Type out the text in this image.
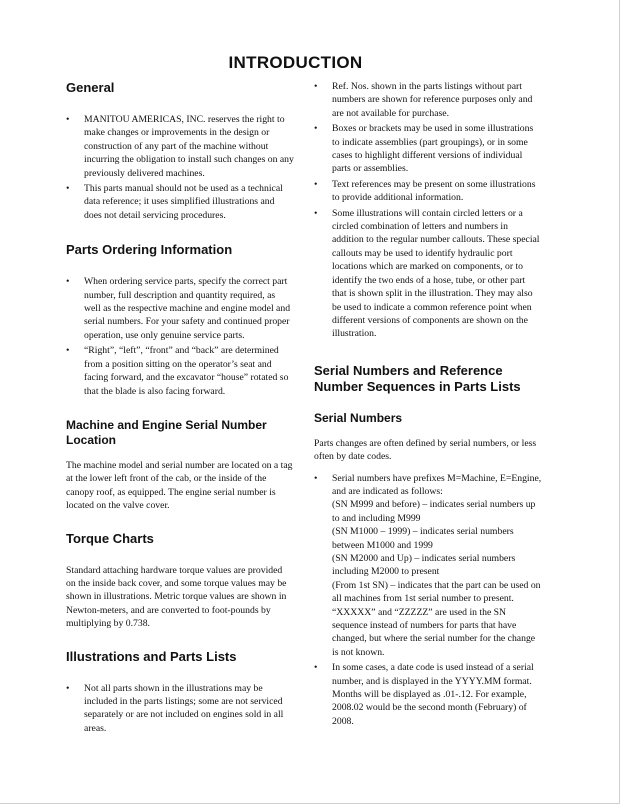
INTRODUCTION
General
• MANITOU AMERICAS, INC. reserves the right to make changes or improvements in the design or construction of any part of the machine without incurring the obligation to install such changes on any previously delivered machines.
• This parts manual should not be used as a technical data reference; it uses simplified illustrations and does not detail servicing procedures.
Parts Ordering Information
• When ordering service parts, specify the correct part number, full description and quantity required, as well as the respective machine and engine model and serial numbers. For your safety and continued proper operation, use only genuine service parts.
• “Right”, “left”, “front” and “back” are determined from a position sitting on the operator’s seat and facing forward, and the excavator “house” rotated so that the blade is also facing forward.
Machine and Engine Serial Number Location

The machine model and serial number are located on a tag at the lower left front of the cab, or the inside of the canopy roof, as equipped. The engine serial number is located on the valve cover.

Torque Charts

Standard attaching hardware torque values are provided on the inside back cover, and some torque values may be shown in illustrations. Metric torque values are shown in Newton-meters, and are converted to foot-pounds by multiplying by 0.738.

Illustrations and Parts Lists
• Not all parts shown in the illustrations may be included in the parts listings; some are not serviced separately or are not included on engines sold in all areas.
• Ref. Nos. shown in the parts listings without part numbers are shown for reference purposes only and are not available for purchase.
• Boxes or brackets may be used in some illustrations to indicate assemblies (part groupings), or in some cases to highlight different versions of individual parts or assemblies.
• Text references may be present on some illustrations to provide additional information.
• Some illustrations will contain circled letters or a circled combination of letters and numbers in addition to the regular number callouts. These special callouts may be used to identify hydraulic port locations which are marked on components, or to identify the two ends of a hose, tube, or other part that is shown split in the illustration. They may also be used to indicate a common reference point when different versions of components are shown on the illustration.
Serial Numbers and Reference Number Sequences in Parts Lists
Serial Numbers

Parts changes are often defined by serial numbers, or less often by date codes.

• Serial numbers have prefixes M=Machine, E=Engine, and are indicated as follows:
(SN M999 and before) – indicates serial numbers up to and including M999
(SN M1000 – 1999) – indicates serial numbers between M1000 and 1999
(SN M2000 and Up) – indicates serial numbers including M2000 to present
(From 1st SN) – indicates that the part can be used on all machines from 1st serial number to present.
“XXXXX” and “ZZZZZ” are used in the SN sequence instead of numbers for parts that have changed, but where the serial number for the change is not known.
• In some cases, a date code is used instead of a serial number, and is displayed in the YYYY.MM format. Months will be displayed as .01-.12. For example, 2008.02 would be the second month (February) of 2008.
